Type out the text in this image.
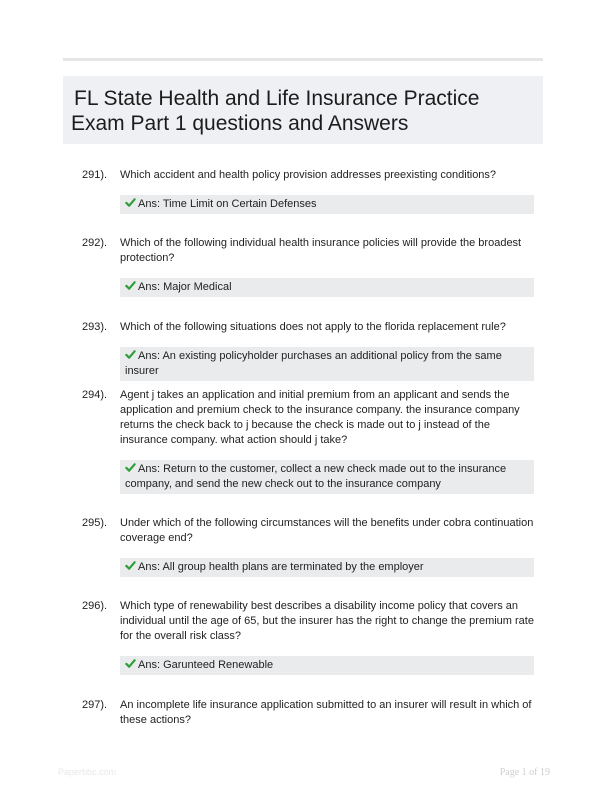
FL State Health and Life Insurance Practice
Exam Part 1 questions and Answers
291).	Which accident and health policy provision addresses preexisting conditions?
Ans: Time Limit on Certain Defenses
292).	Which of the following individual health insurance policies will provide the broadest protection?
Ans: Major Medical
293).	Which of the following situations does not apply to the florida replacement rule?
Ans: An existing policyholder purchases an additional policy from the same insurer
294).	Agent j takes an application and initial premium from an applicant and sends the application and premium check to the insurance company. the insurance company returns the check back to j because the check is made out to j instead of the insurance company. what action should j take?
Ans: Return to the customer, collect a new check made out to the insurance company, and send the new check out to the insurance company
295).	Under which of the following circumstances will the benefits under cobra continuation coverage end?
Ans: All group health plans are terminated by the employer
296).	Which type of renewability best describes a disability income policy that covers an individual until the age of 65, but the insurer has the right to change the premium rate for the overall risk class?
Ans: Garunteed Renewable
297).	An incomplete life insurance application submitted to an insurer will result in which of these actions?
Paperbbc.com	Page 1 of 19
